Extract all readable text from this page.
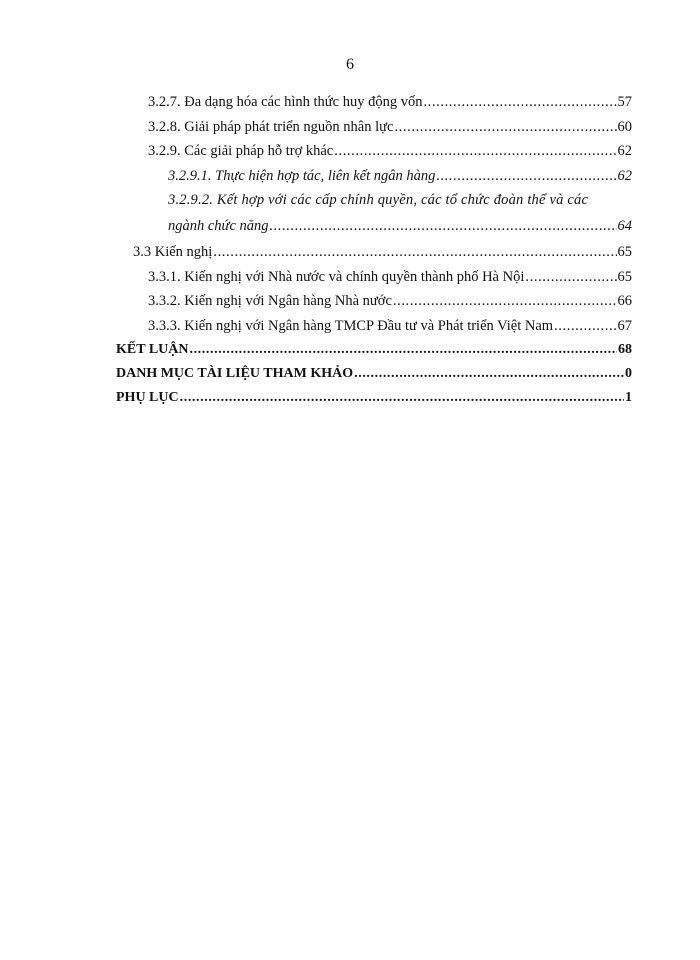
6
3.2.7. Đa dạng hóa các hình thức huy động vốn .....	57
3.2.8. Giải pháp phát triển nguồn nhân lực .....	60
3.2.9. Các giải pháp hỗ trợ khác .....	62
3.2.9.1. Thực hiện hợp tác, liên kết ngân hàng .....	62
3.2.9.2. Kết hợp với các cấp chính quyền, các tổ chức đoàn thể và các
ngành chức năng .....	64
3.3 Kiến nghị .....	65
3.3.1. Kiến nghị với Nhà nước và chính quyền thành phố Hà Nội .....	65
3.3.2. Kiến nghị với Ngân hàng Nhà nước .....	66
3.3.3. Kiến nghị với Ngân hàng TMCP Đầu tư và Phát triển Việt Nam .....	67
KẾT LUẬN .....	68
DANH MỤC TÀI LIỆU THAM KHẢO .....	0
PHỤ LỤC .....	1
